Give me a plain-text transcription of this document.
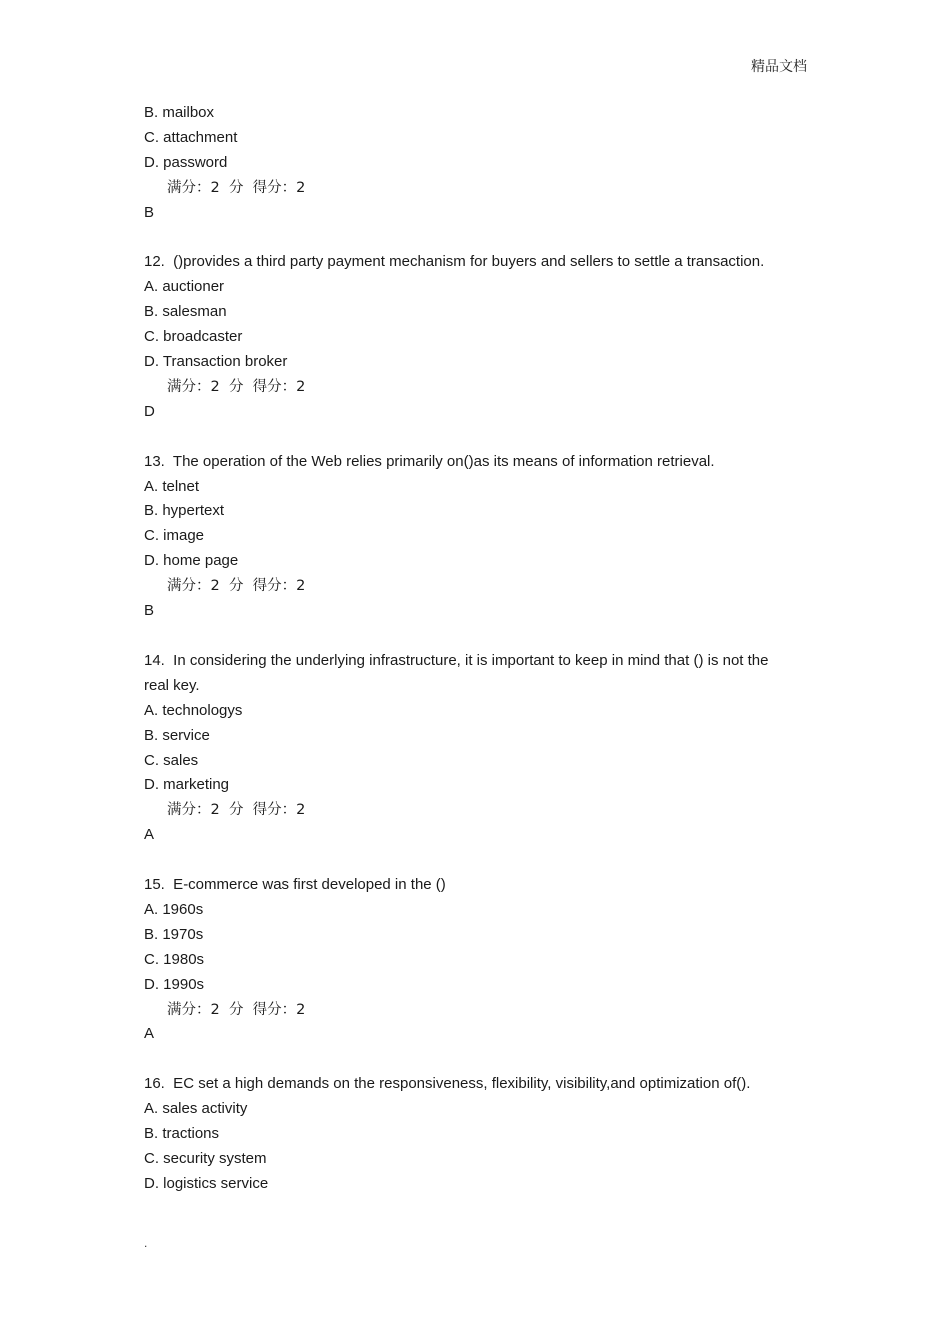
精品文档
B. mailbox
C. attachment
D. password
满分：2  分  得分：2
B
12.  ()provides a third party payment mechanism for buyers and sellers to settle a transaction.
A. auctioner
B. salesman
C. broadcaster
D. Transaction broker
满分：2  分  得分：2
D
13.  The operation of the Web relies primarily on()as its means of information retrieval.
A. telnet
B. hypertext
C. image
D. home page
满分：2  分  得分：2
B
14.  In considering the underlying infrastructure, it is important to keep in mind that () is not the
real key.
A. technologys
B. service
C. sales
D. marketing
满分：2  分  得分：2
A
15.  E-commerce was first developed in the ()
A. 1960s
B. 1970s
C. 1980s
D. 1990s
满分：2  分  得分：2
A
16.  EC set a high demands on the responsiveness, flexibility, visibility,and optimization of().
A. sales activity
B. tractions
C. security system
D. logistics service
.
